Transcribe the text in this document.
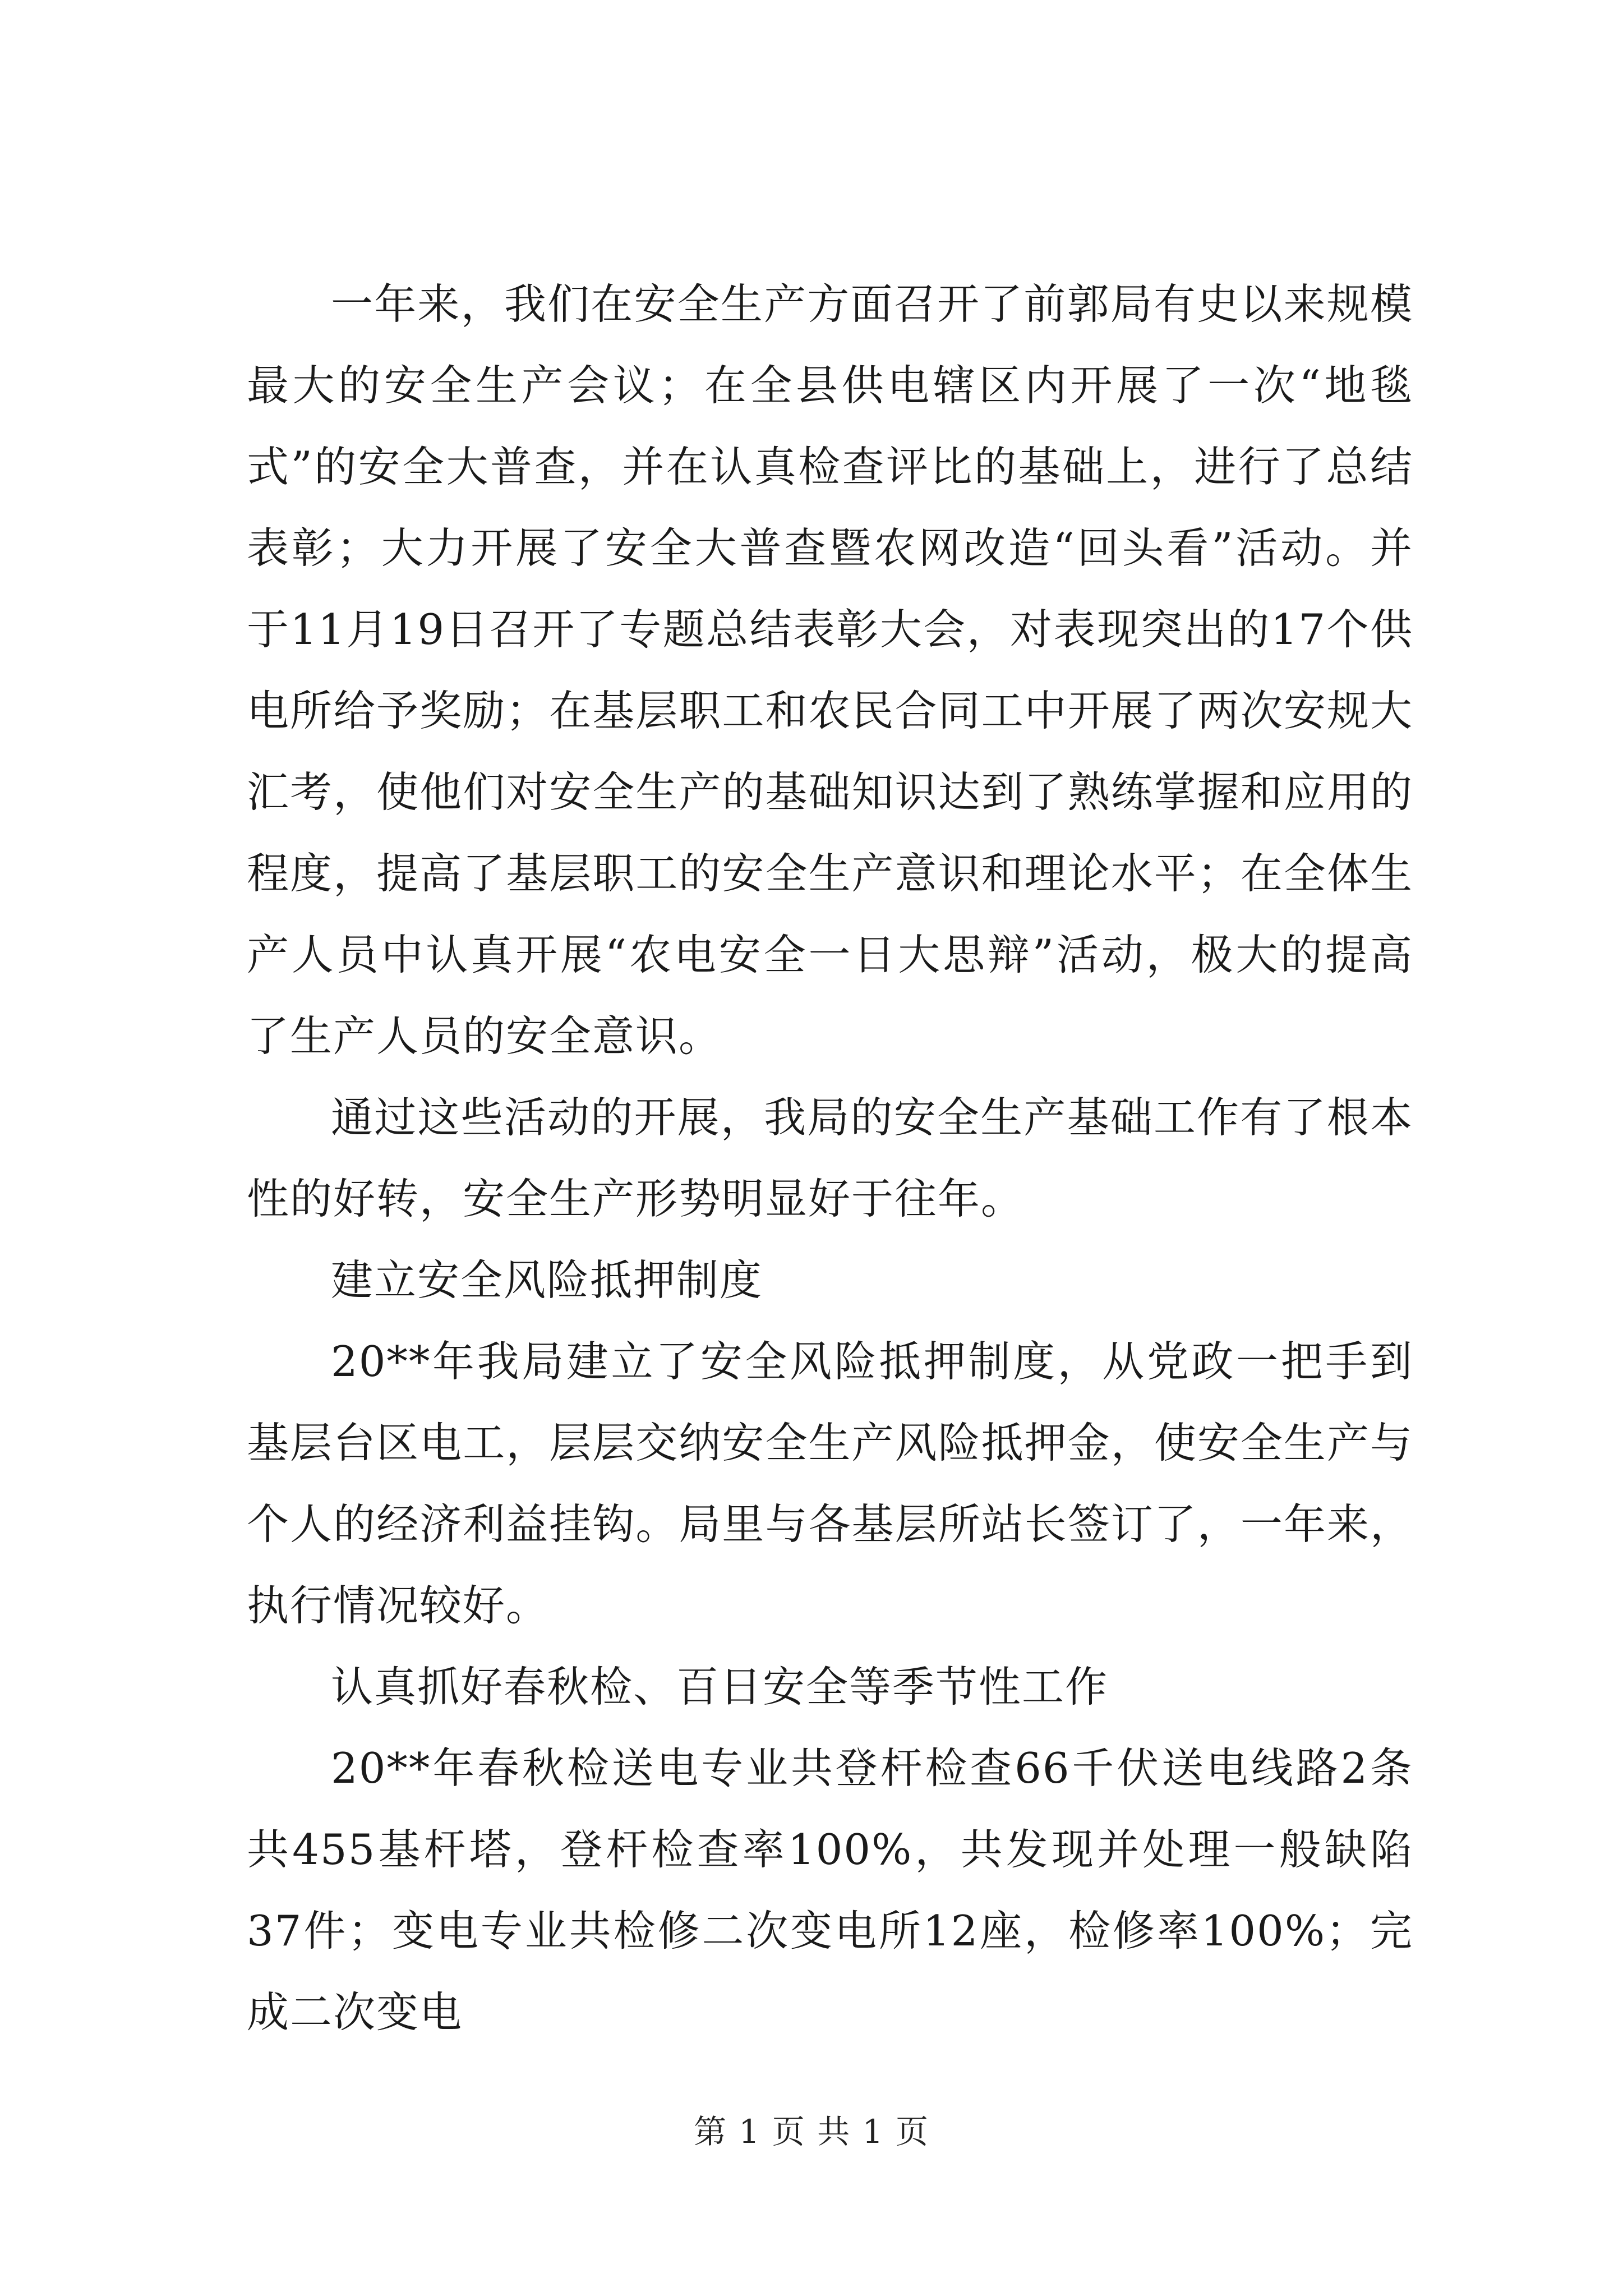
一年来，我们在安全生产方面召开了前郭局有史以来规模最大的安全生产会议；在全县供电辖区内开展了一次“地毯式”的安全大普查，并在认真检查评比的基础上，进行了总结表彰；大力开展了安全大普查暨农网改造“回头看”活动。并于11月19日召开了专题总结表彰大会，对表现突出的17个供电所给予奖励；在基层职工和农民合同工中开展了两次安规大汇考，使他们对安全生产的基础知识达到了熟练掌握和应用的程度，提高了基层职工的安全生产意识和理论水平；在全体生产人员中认真开展“农电安全一日大思辩”活动，极大的提高了生产人员的安全意识。

通过这些活动的开展，我局的安全生产基础工作有了根本性的好转，安全生产形势明显好于往年。

建立安全风险抵押制度

20**年我局建立了安全风险抵押制度，从党政一把手到基层台区电工，层层交纳安全生产风险抵押金，使安全生产与个人的经济利益挂钩。局里与各基层所站长签订了，一年来，执行情况较好。

认真抓好春秋检、百日安全等季节性工作

20**年春秋检送电专业共登杆检查66千伏送电线路2条共455基杆塔，登杆检查率100%，共发现并处理一般缺陷37件；变电专业共检修二次变电所12座，检修率100%；完成二次变电

第 1 页 共 1 页
